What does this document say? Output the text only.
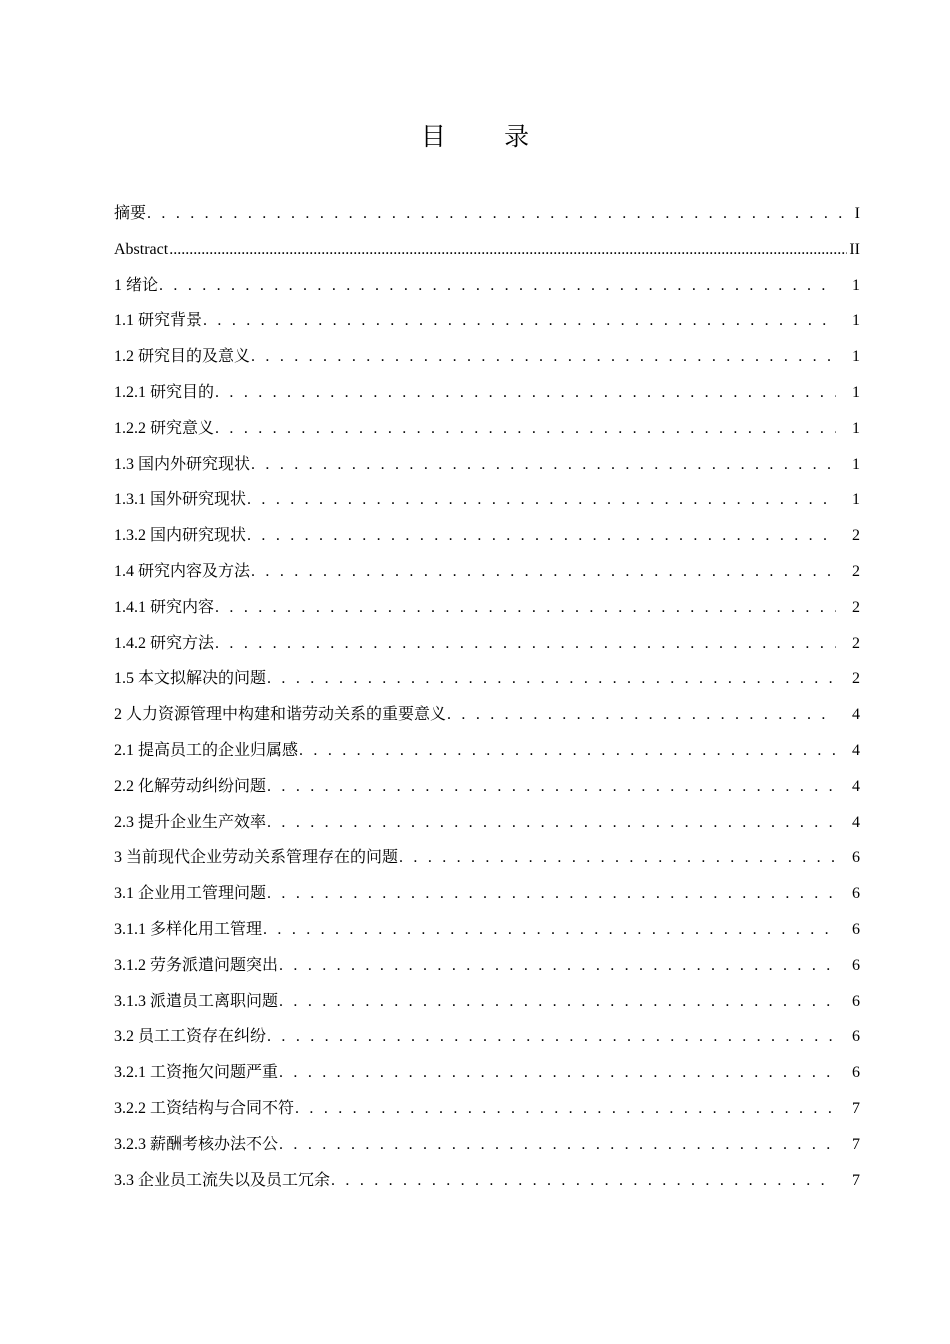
目 录
摘要 . . .	I
Abstract .....	II
1 绪论 . . .	1
1.1 研究背景 . . .	1
1.2 研究目的及意义 . . .	1
1.2.1 研究目的 . . .	1
1.2.2 研究意义 . . .	1
1.3 国内外研究现状 . . .	1
1.3.1 国外研究现状 . . .	1
1.3.2 国内研究现状 . . .	2
1.4 研究内容及方法 . . .	2
1.4.1 研究内容 . . .	2
1.4.2 研究方法 . . .	2
1.5 本文拟解决的问题 . . .	2
2 人力资源管理中构建和谐劳动关系的重要意义 . . .	4
2.1 提高员工的企业归属感 . . .	4
2.2 化解劳动纠纷问题 . . .	4
2.3 提升企业生产效率 . . .	4
3 当前现代企业劳动关系管理存在的问题 . . .	6
3.1 企业用工管理问题 . . .	6
3.1.1 多样化用工管理 . . .	6
3.1.2 劳务派遣问题突出 . . .	6
3.1.3 派遣员工离职问题 . . .	6
3.2 员工工资存在纠纷 . . .	6
3.2.1 工资拖欠问题严重 . . .	6
3.2.2 工资结构与合同不符 . . .	7
3.2.3 薪酬考核办法不公 . . .	7
3.3 企业员工流失以及员工冗余 . . .	7
